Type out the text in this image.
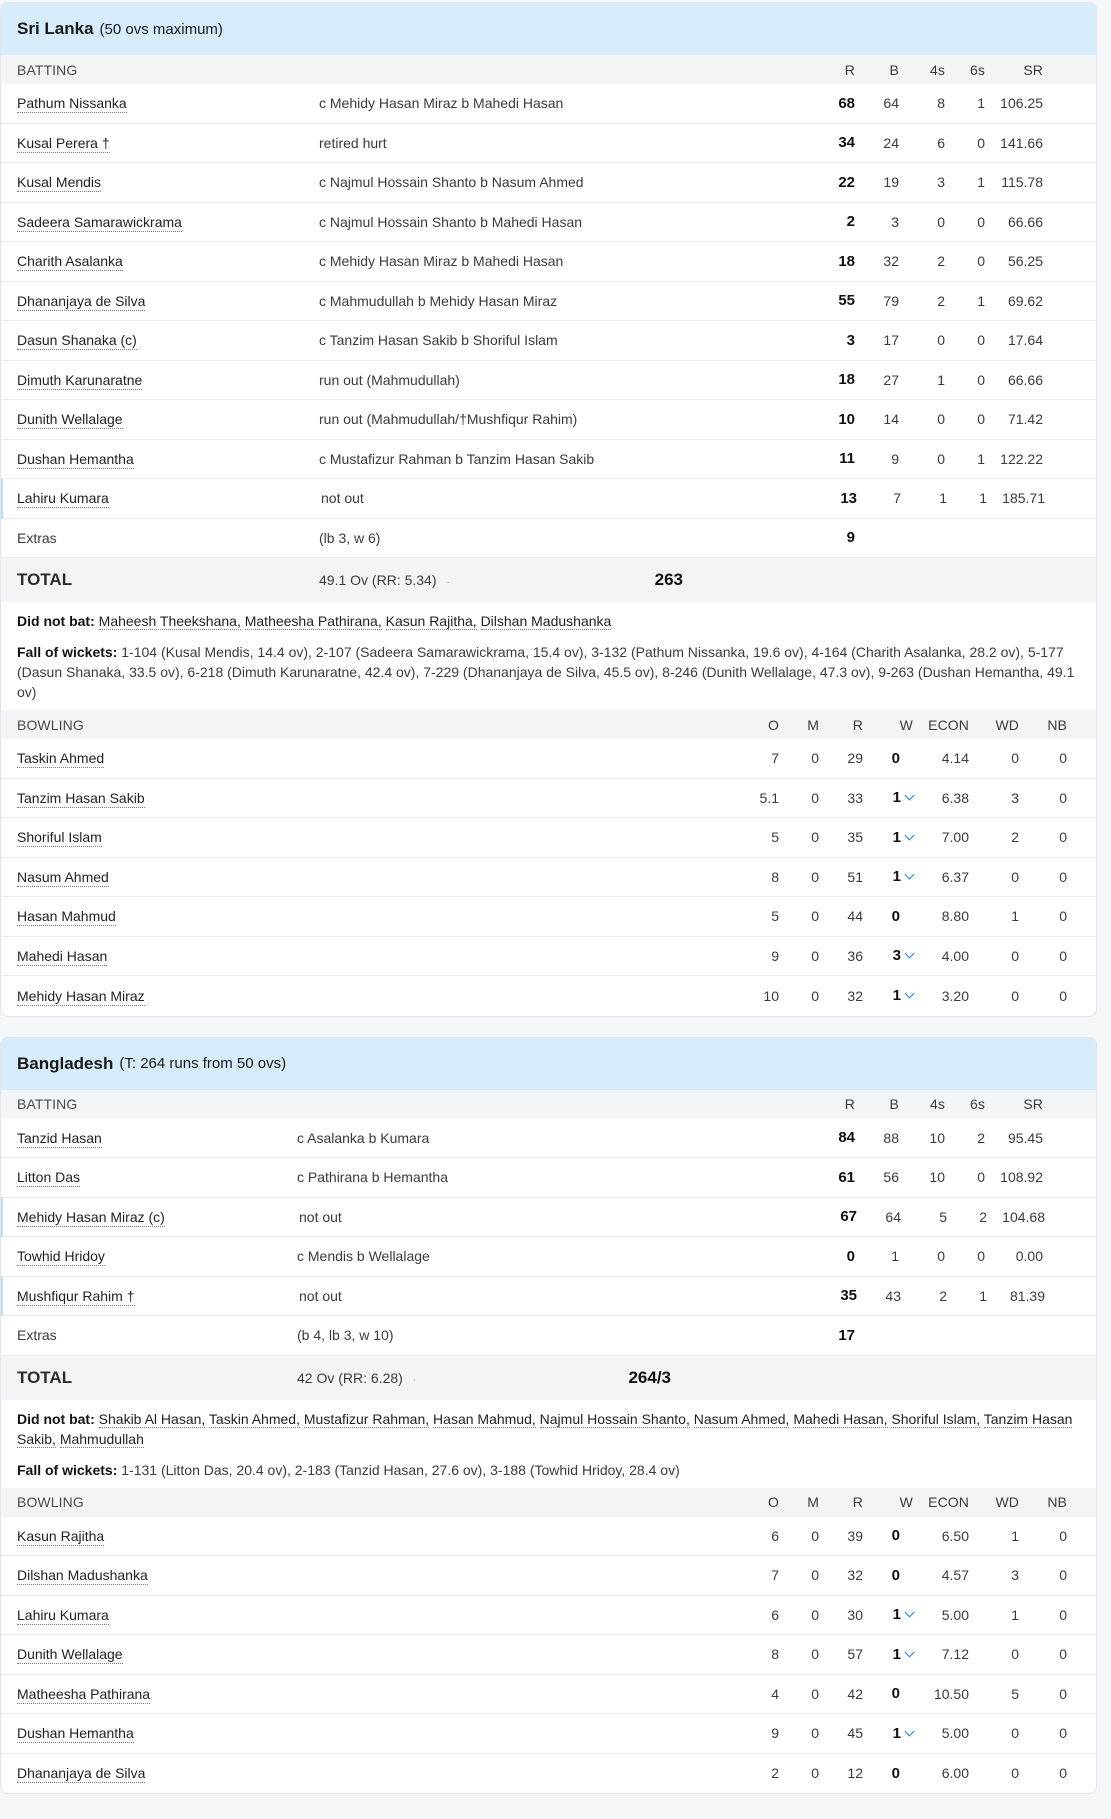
Sri Lanka (50 ovs maximum)
BATTING	R	B	4s	6s	SR
Pathum Nissanka	c Mehidy Hasan Miraz b Mahedi Hasan	68	64	8	1	106.25
Kusal Perera †	retired hurt	34	24	6	0	141.66
Kusal Mendis	c Najmul Hossain Shanto b Nasum Ahmed	22	19	3	1	115.78
Sadeera Samarawickrama	c Najmul Hossain Shanto b Mahedi Hasan	2	3	0	0	66.66
Charith Asalanka	c Mehidy Hasan Miraz b Mahedi Hasan	18	32	2	0	56.25
Dhananjaya de Silva	c Mahmudullah b Mehidy Hasan Miraz	55	79	2	1	69.62
Dasun Shanaka (c)	c Tanzim Hasan Sakib b Shoriful Islam	3	17	0	0	17.64
Dimuth Karunaratne	run out (Mahmudullah)	18	27	1	0	66.66
Dunith Wellalage	run out (Mahmudullah/†Mushfiqur Rahim)	10	14	0	0	71.42
Dushan Hemantha	c Mustafizur Rahman b Tanzim Hasan Sakib	11	9	0	1	122.22
Lahiru Kumara	not out	13	7	1	1	185.71
Extras	(lb 3, w 6)	9
TOTAL	49.1 Ov (RR: 5.34) ·	263
Did not bat: Maheesh Theekshana, Matheesha Pathirana, Kasun Rajitha, Dilshan Madushanka
Fall of wickets: 1-104 (Kusal Mendis, 14.4 ov), 2-107 (Sadeera Samarawickrama, 15.4 ov), 3-132 (Pathum Nissanka, 19.6 ov), 4-164 (Charith Asalanka, 28.2 ov), 5-177 (Dasun Shanaka, 33.5 ov), 6-218 (Dimuth Karunaratne, 42.4 ov), 7-229 (Dhananjaya de Silva, 45.5 ov), 8-246 (Dunith Wellalage, 47.3 ov), 9-263 (Dushan Hemantha, 49.1 ov)
BOWLING	O	M	R	W	ECON	WD	NB
Taskin Ahmed	7	0	29	0	4.14	0	0
Tanzim Hasan Sakib	5.1	0	33	1	6.38	3	0
Shoriful Islam	5	0	35	1	7.00	2	0
Nasum Ahmed	8	0	51	1	6.37	0	0
Hasan Mahmud	5	0	44	0	8.80	1	0
Mahedi Hasan	9	0	36	3	4.00	0	0
Mehidy Hasan Miraz	10	0	32	1	3.20	0	0
Bangladesh (T: 264 runs from 50 ovs)
BATTING	R	B	4s	6s	SR
Tanzid Hasan	c Asalanka b Kumara	84	88	10	2	95.45
Litton Das	c Pathirana b Hemantha	61	56	10	0	108.92
Mehidy Hasan Miraz (c)	not out	67	64	5	2	104.68
Towhid Hridoy	c Mendis b Wellalage	0	1	0	0	0.00
Mushfiqur Rahim †	not out	35	43	2	1	81.39
Extras	(b 4, lb 3, w 10)	17
TOTAL	42 Ov (RR: 6.28) ·	264/3
Did not bat: Shakib Al Hasan, Taskin Ahmed, Mustafizur Rahman, Hasan Mahmud, Najmul Hossain Shanto, Nasum Ahmed, Mahedi Hasan, Shoriful Islam, Tanzim Hasan Sakib, Mahmudullah
Fall of wickets: 1-131 (Litton Das, 20.4 ov), 2-183 (Tanzid Hasan, 27.6 ov), 3-188 (Towhid Hridoy, 28.4 ov)
BOWLING	O	M	R	W	ECON	WD	NB
Kasun Rajitha	6	0	39	0	6.50	1	0
Dilshan Madushanka	7	0	32	0	4.57	3	0
Lahiru Kumara	6	0	30	1	5.00	1	0
Dunith Wellalage	8	0	57	1	7.12	0	0
Matheesha Pathirana	4	0	42	0	10.50	5	0
Dushan Hemantha	9	0	45	1	5.00	0	0
Dhananjaya de Silva	2	0	12	0	6.00	0	0
